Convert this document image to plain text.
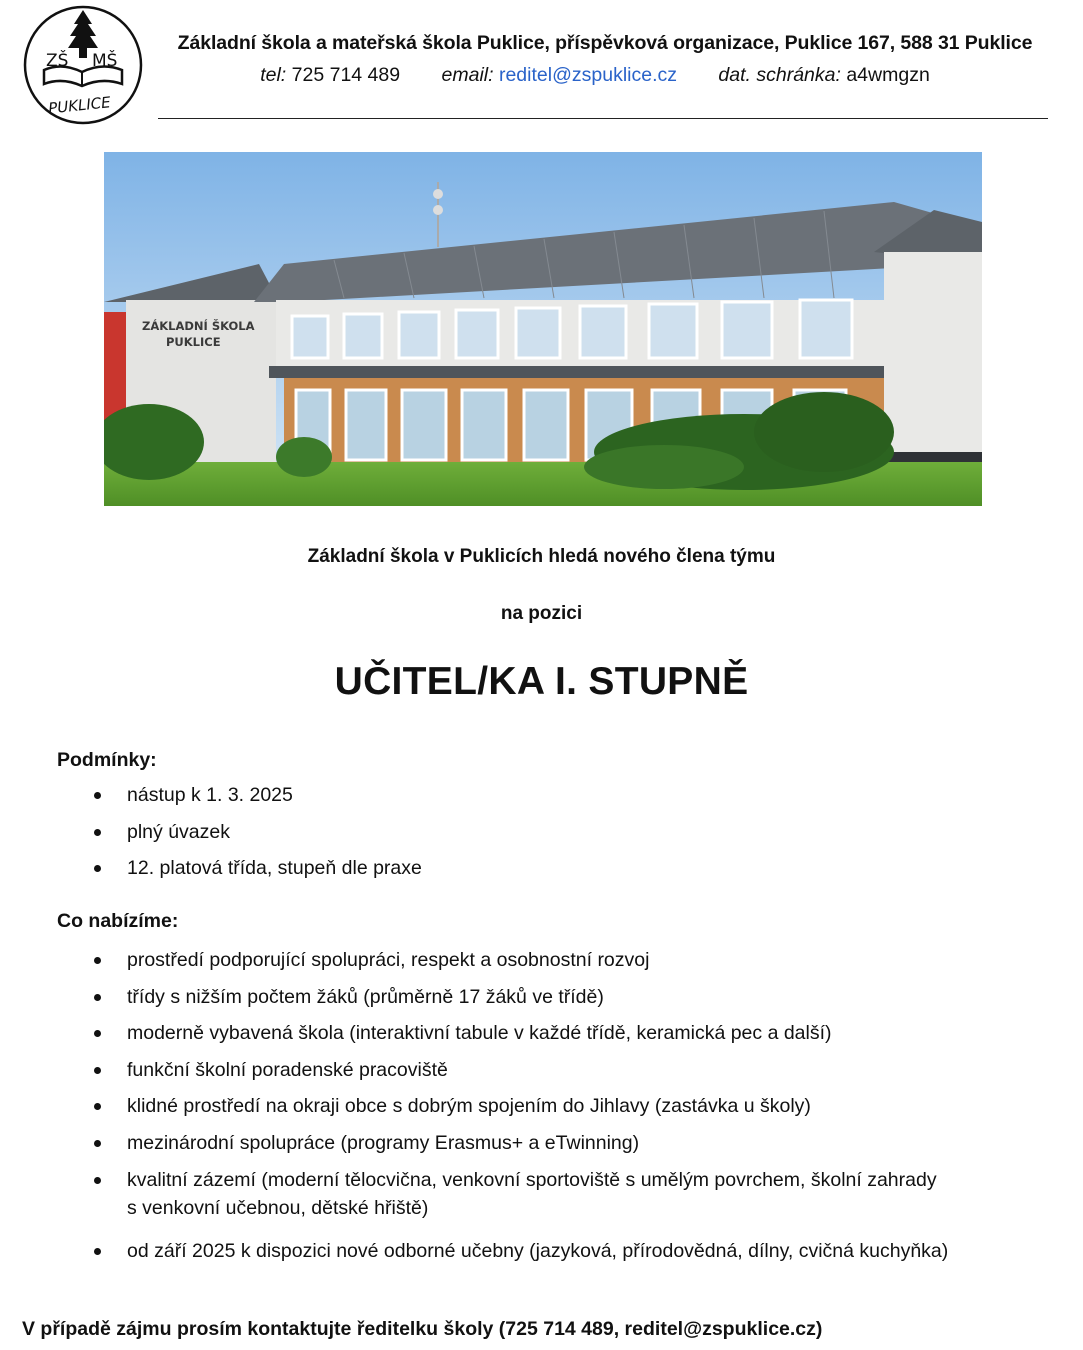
ZŠ MŠ
PUKLICE
Základní škola a mateřská škola Puklice, příspěvková organizace, Puklice 167, 588 31 Puklice
tel: 725 714 489 email: reditel@zspuklice.cz dat. schránka: a4wmgzn
ZÁKLADNÍ ŠKOLA
PUKLICE
Základní škola v Puklicích hledá nového člena týmu
na pozici
UČITEL/KA I. STUPNĚ
Podmínky:
nástup k 1. 3. 2025
plný úvazek
12. platová třída, stupeň dle praxe
Co nabízíme:
prostředí podporující spolupráci, respekt a osobnostní rozvoj
třídy s nižším počtem žáků (průměrně 17 žáků ve třídě)
moderně vybavená škola (interaktivní tabule v každé třídě, keramická pec a další)
funkční školní poradenské pracoviště
klidné prostředí na okraji obce s dobrým spojením do Jihlavy (zastávka u školy)
mezinárodní spolupráce (programy Erasmus+ a eTwinning)
kvalitní zázemí (moderní tělocvična, venkovní sportoviště s umělým povrchem, školní zahrady
s venkovní učebnou, dětské hřiště)
od září 2025 k dispozici nové odborné učebny (jazyková, přírodovědná, dílny, cvičná kuchyňka)
V případě zájmu prosím kontaktujte ředitelku školy (725 714 489, reditel@zspuklice.cz)
